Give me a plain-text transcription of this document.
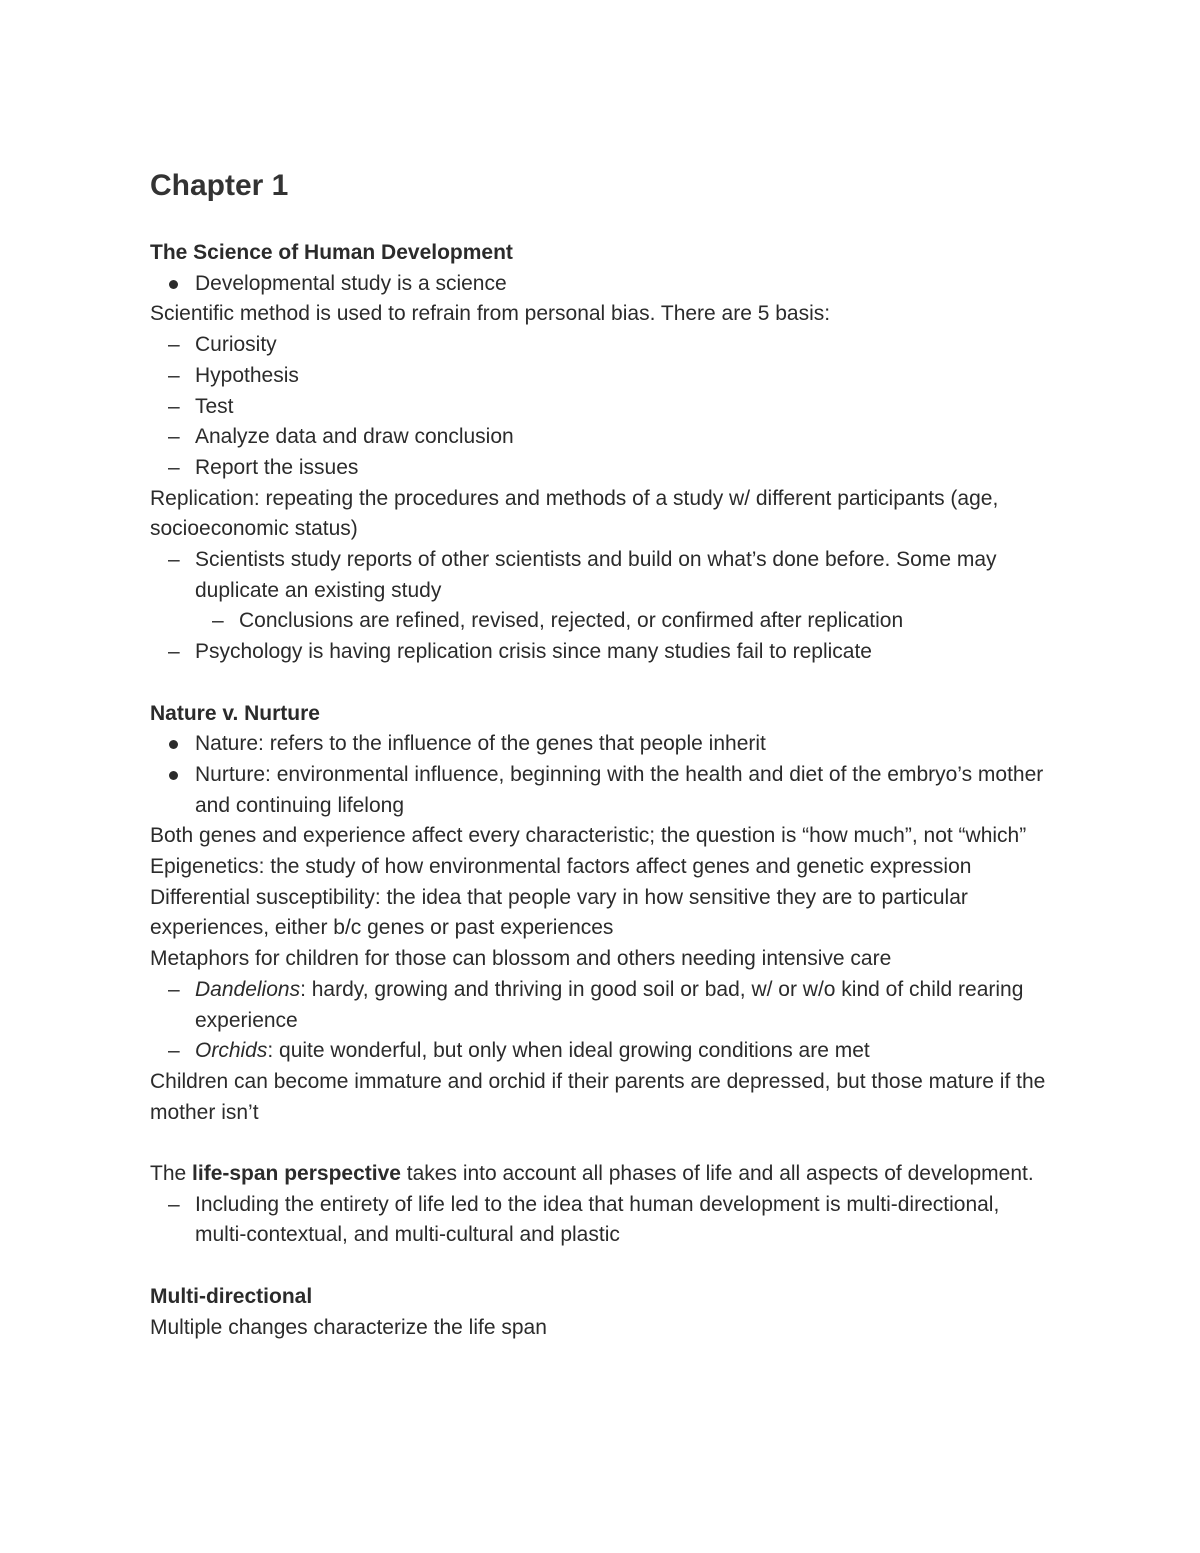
Chapter 1

The Science of Human Development

Developmental study is a science

Scientific method is used to refrain from personal bias. There are 5 basis:

– Curiosity

– Hypothesis

– Test

– Analyze data and draw conclusion

– Report the issues

Replication: repeating the procedures and methods of a study w/ different participants (age, socioeconomic status)

– Scientists study reports of other scientists and build on what’s done before. Some may duplicate an existing study

– Conclusions are refined, revised, rejected, or confirmed after replication

– Psychology is having replication crisis since many studies fail to replicate

Nature v. Nurture

Nature: refers to the influence of the genes that people inherit

Nurture: environmental influence, beginning with the health and diet of the embryo’s mother and continuing lifelong

Both genes and experience affect every characteristic; the question is “how much”, not “which”

Epigenetics: the study of how environmental factors affect genes and genetic expression

Differential susceptibility: the idea that people vary in how sensitive they are to particular experiences, either b/c genes or past experiences

Metaphors for children for those can blossom and others needing intensive care

– Dandelions: hardy, growing and thriving in good soil or bad, w/ or w/o kind of child rearing experience

– Orchids: quite wonderful, but only when ideal growing conditions are met

Children can become immature and orchid if their parents are depressed, but those mature if the mother isn’t

The life-span perspective takes into account all phases of life and all aspects of development.

– Including the entirety of life led to the idea that human development is multi-directional, multi-contextual, and multi-cultural and plastic

Multi-directional

Multiple changes characterize the life span
